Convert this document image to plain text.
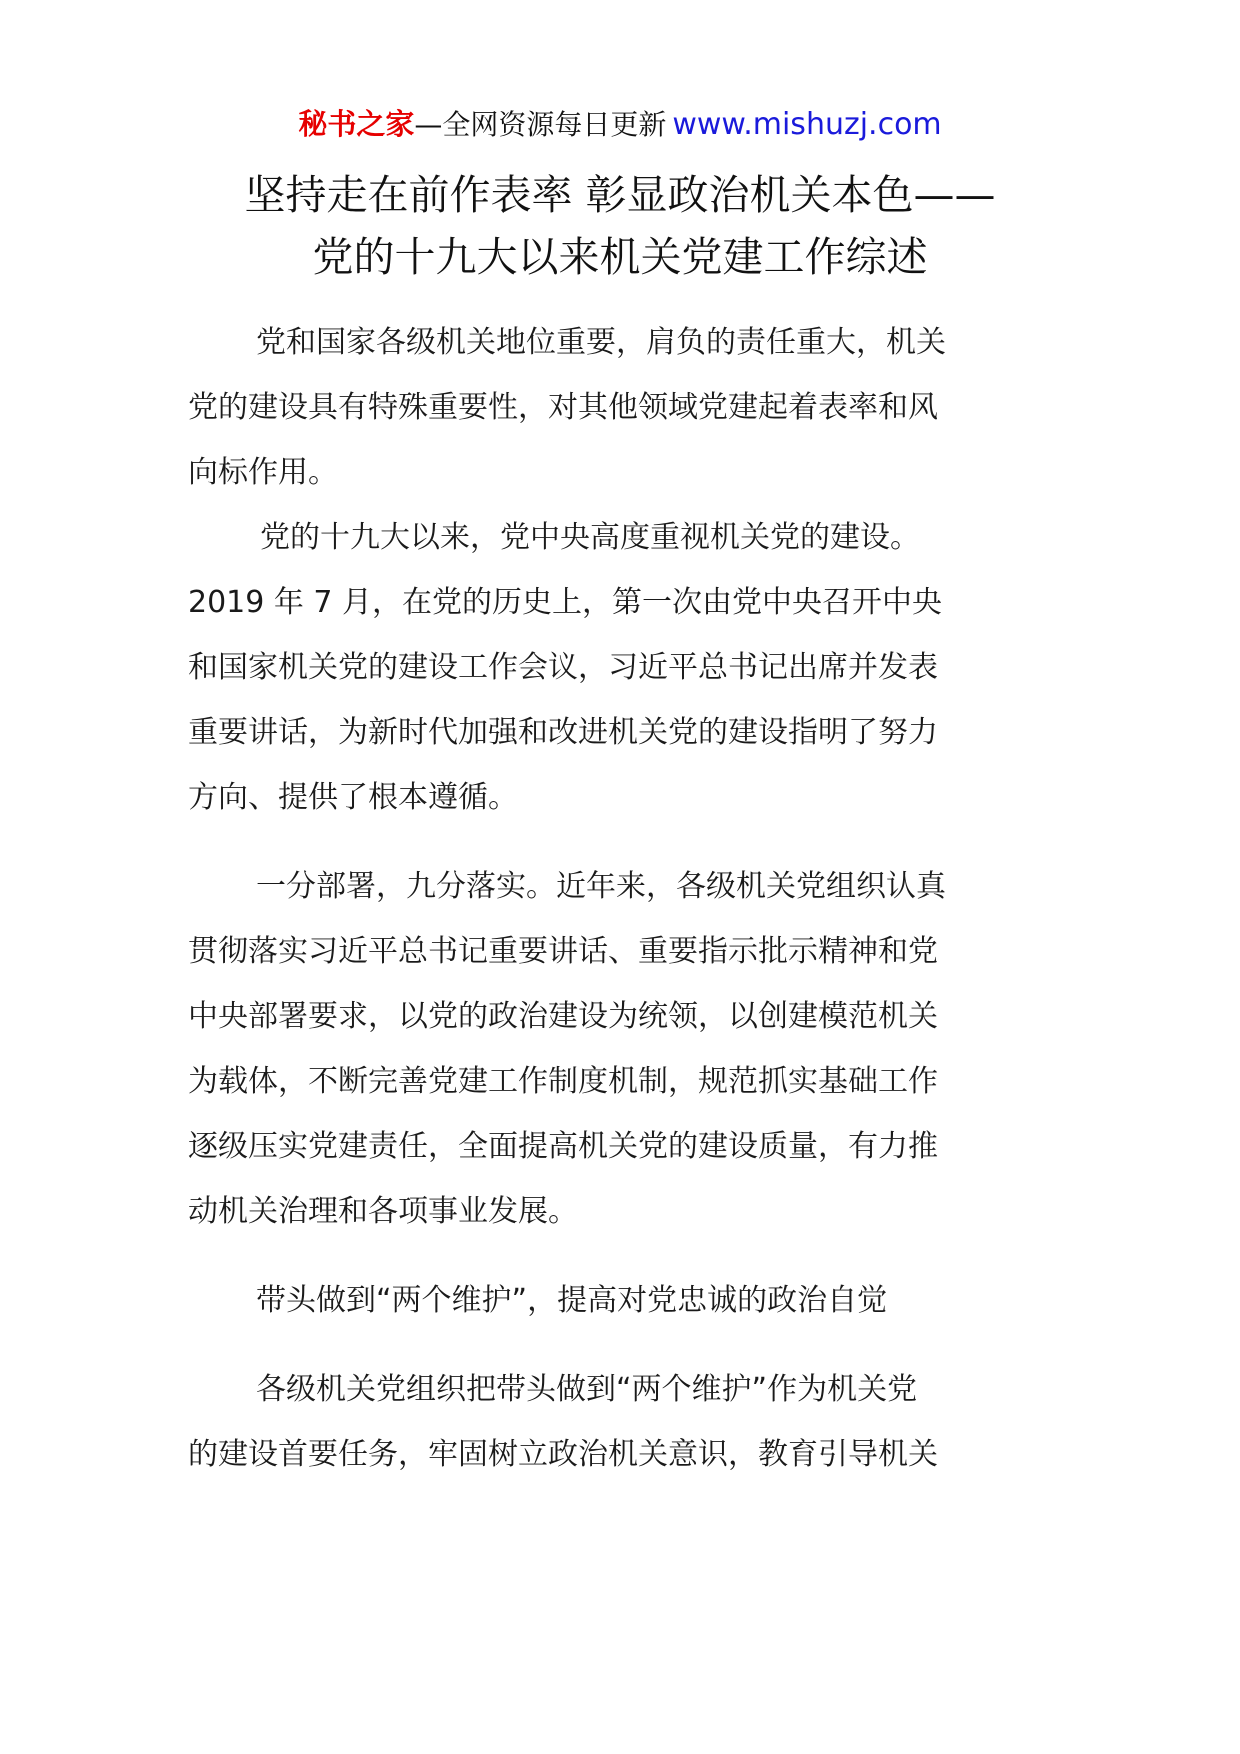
秘书之家—全网资源每日更新 www.mishuzj.com
坚持走在前作表率 彰显政治机关本色——
党的十九大以来机关党建工作综述
党和国家各级机关地位重要，肩负的责任重大，机关
党的建设具有特殊重要性，对其他领域党建起着表率和风
向标作用。
党的十九大以来，党中央高度重视机关党的建设。
2019 年 7 月，在党的历史上，第一次由党中央召开中央
和国家机关党的建设工作会议，习近平总书记出席并发表
重要讲话，为新时代加强和改进机关党的建设指明了努力
方向、提供了根本遵循。
一分部署，九分落实。近年来，各级机关党组织认真
贯彻落实习近平总书记重要讲话、重要指示批示精神和党
中央部署要求，以党的政治建设为统领，以创建模范机关
为载体，不断完善党建工作制度机制，规范抓实基础工作
逐级压实党建责任，全面提高机关党的建设质量，有力推
动机关治理和各项事业发展。
带头做到“两个维护”，提高对党忠诚的政治自觉
各级机关党组织把带头做到“两个维护”作为机关党
的建设首要任务，牢固树立政治机关意识，教育引导机关
